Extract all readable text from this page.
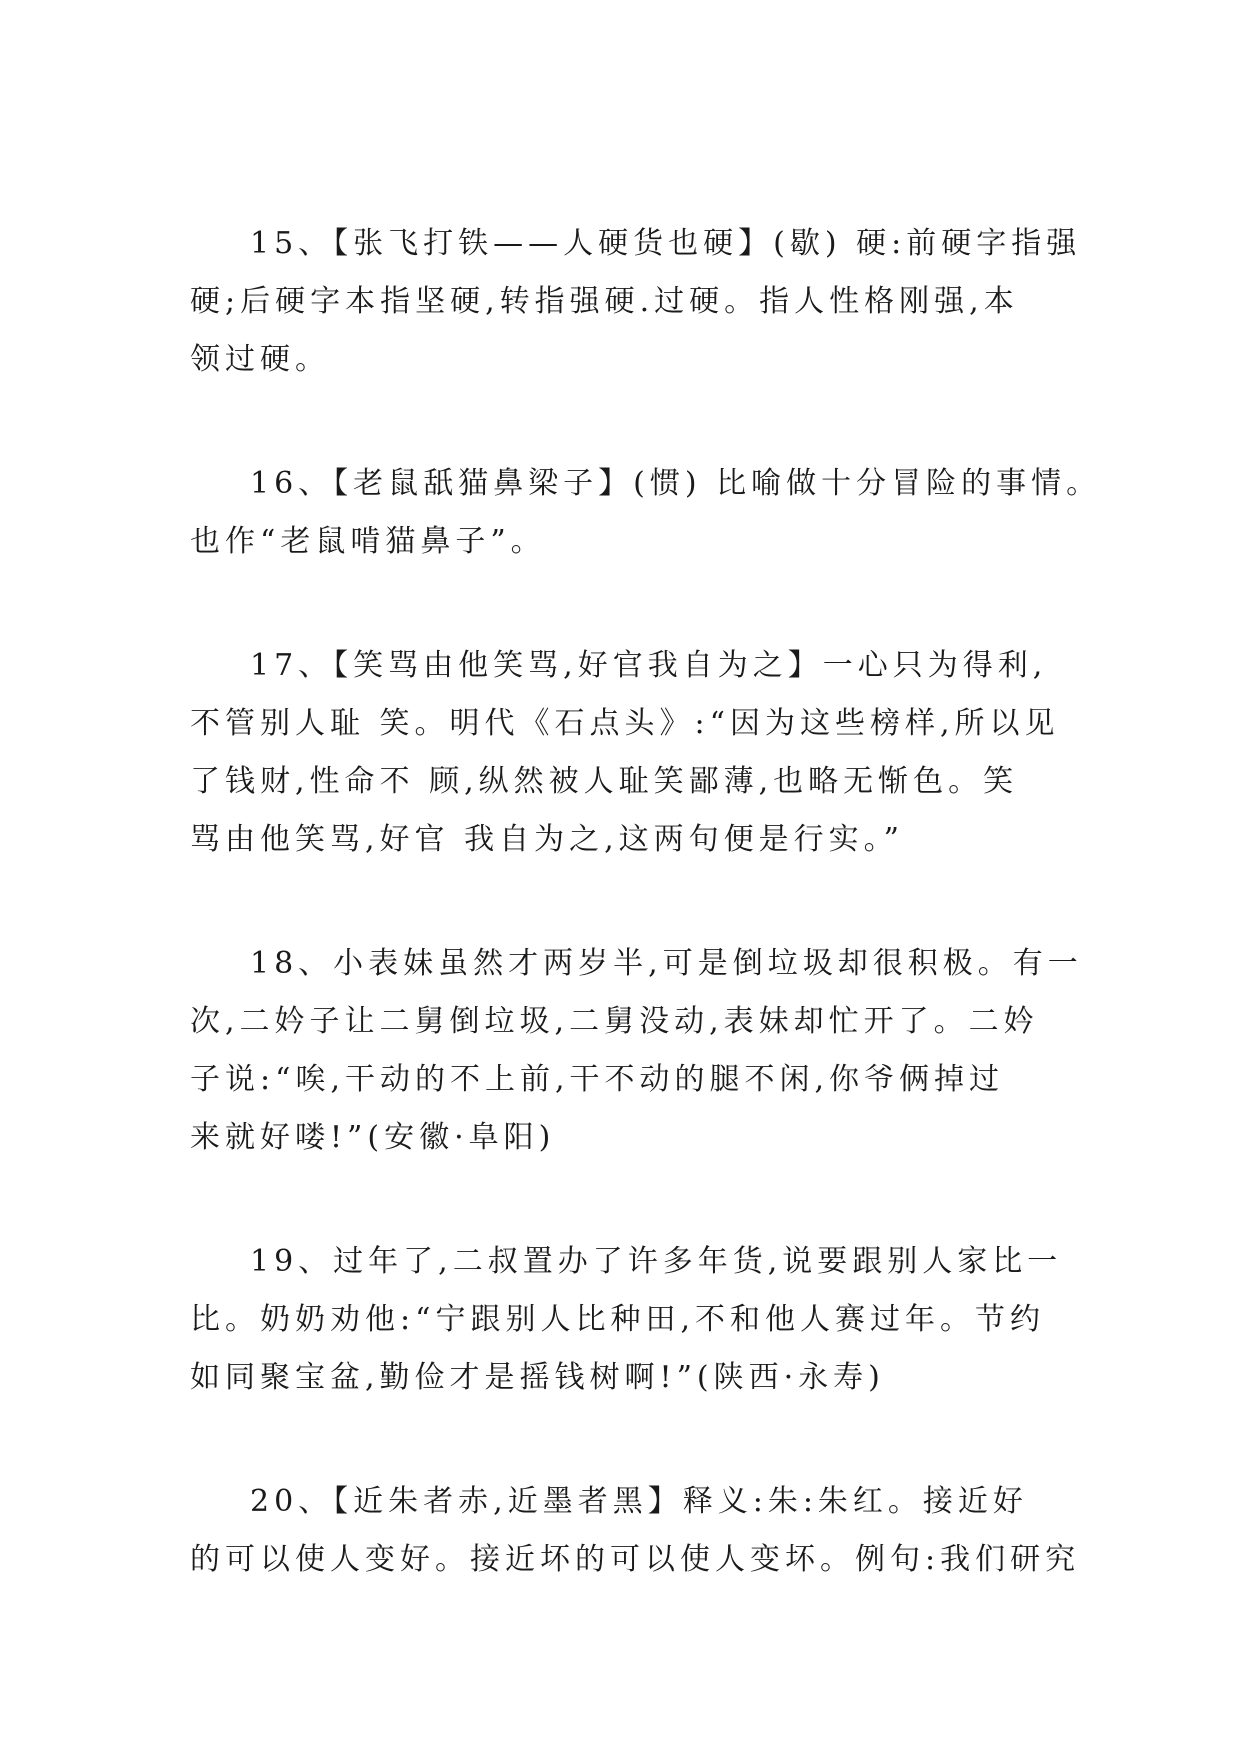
15、【张飞打铁——人硬货也硬】(歇) 硬:前硬字指强
硬;后硬字本指坚硬,转指强硬.过硬。指人性格刚强,本
领过硬。
16、【老鼠舐猫鼻梁子】(惯) 比喻做十分冒险的事情。
也作“老鼠啃猫鼻子”。
17、【笑骂由他笑骂,好官我自为之】一心只为得利,
不管别人耻 笑。明代《石点头》:“因为这些榜样,所以见
了钱财,性命不 顾,纵然被人耻笑鄙薄,也略无惭色。笑
骂由他笑骂,好官 我自为之,这两句便是行实。”
18、小表妹虽然才两岁半,可是倒垃圾却很积极。有一
次,二妗子让二舅倒垃圾,二舅没动,表妹却忙开了。二妗
子说:“唉,干动的不上前,干不动的腿不闲,你爷俩掉过
来就好喽!”(安徽·阜阳)
19、过年了,二叔置办了许多年货,说要跟别人家比一
比。奶奶劝他:“宁跟别人比种田,不和他人赛过年。节约
如同聚宝盆,勤俭才是摇钱树啊!”(陕西·永寿)
20、【近朱者赤,近墨者黑】释义:朱:朱红。接近好
的可以使人变好。接近坏的可以使人变坏。例句:我们研究
